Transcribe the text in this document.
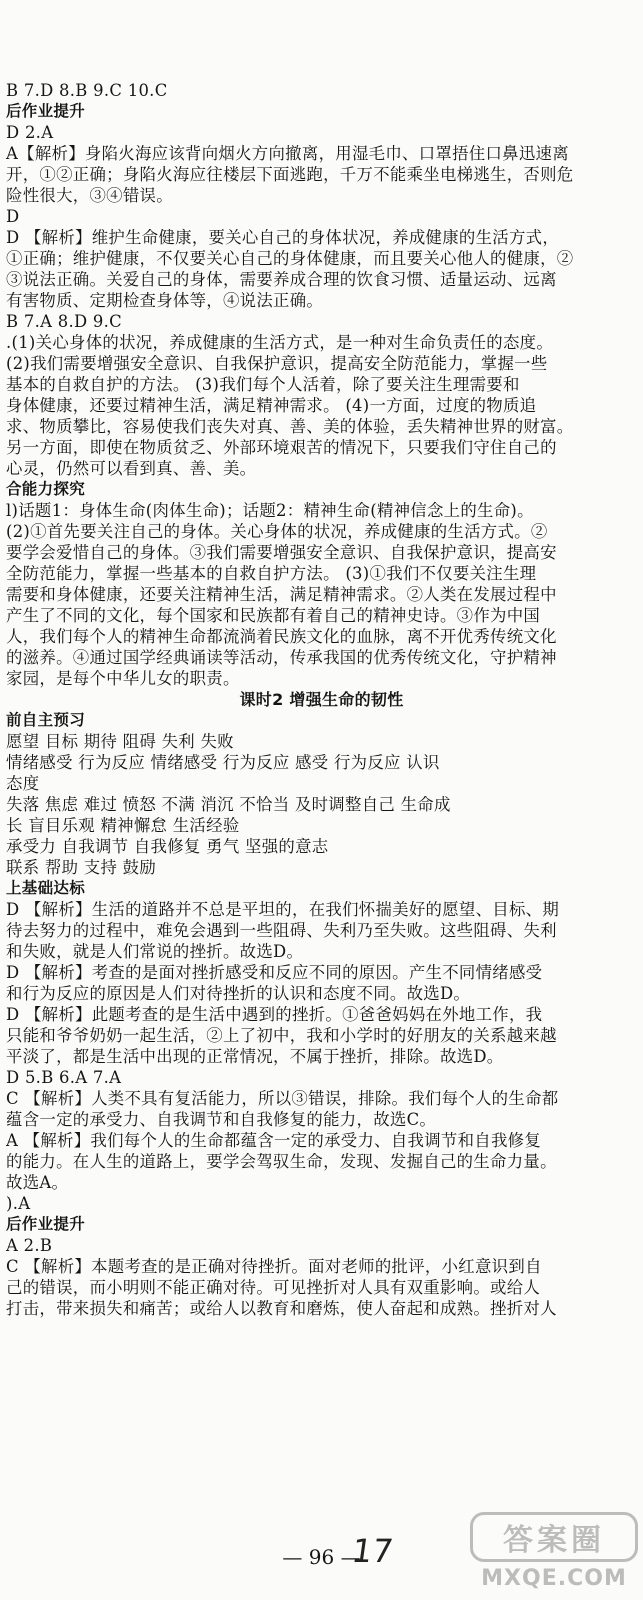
B 7.D 8.B 9.C 10.C
后作业提升
D 2.A
A【解析】身陷火海应该背向烟火方向撤离，用湿毛巾、口罩捂住口鼻迅速离
开，①②正确；身陷火海应往楼层下面逃跑，千万不能乘坐电梯逃生，否则危
险性很大，③④错误。
D
D 【解析】维护生命健康，要关心自己的身体状况，养成健康的生活方式，
①正确；维护健康，不仅要关心自己的身体健康，而且要关心他人的健康，②
③说法正确。关爱自己的身体，需要养成合理的饮食习惯、适量运动、远离
有害物质、定期检查身体等，④说法正确。
B 7.A 8.D 9.C
.(1)关心身体的状况，养成健康的生活方式，是一种对生命负责任的态度。
(2)我们需要增强安全意识、自我保护意识，提高安全防范能力，掌握一些
基本的自救自护的方法。 (3)我们每个人活着，除了要关注生理需要和
身体健康，还要过精神生活，满足精神需求。 (4)一方面，过度的物质追
求、物质攀比，容易使我们丧失对真、善、美的体验，丢失精神世界的财富。
另一方面，即使在物质贫乏、外部环境艰苦的情况下，只要我们守住自己的
心灵，仍然可以看到真、善、美。
合能力探究
l)话题1：身体生命(肉体生命)；话题2：精神生命(精神信念上的生命)。
(2)①首先要关注自己的身体。关心身体的状况，养成健康的生活方式。②
要学会爱惜自己的身体。③我们需要增强安全意识、自我保护意识，提高安
全防范能力，掌握一些基本的自救自护方法。 (3)①我们不仅要关注生理
需要和身体健康，还要关注精神生活，满足精神需求。②人类在发展过程中
产生了不同的文化，每个国家和民族都有着自己的精神史诗。③作为中国
人，我们每个人的精神生命都流淌着民族文化的血脉，离不开优秀传统文化
的滋养。④通过国学经典诵读等活动，传承我国的优秀传统文化，守护精神
家园，是每个中华儿女的职责。
课时2 增强生命的韧性
前自主预习
愿望 目标 期待 阻碍 失利 失败
情绪感受 行为反应 情绪感受 行为反应 感受 行为反应 认识
态度
失落 焦虑 难过 愤怒 不满 消沉 不恰当 及时调整自己 生命成
长 盲目乐观 精神懈怠 生活经验
承受力 自我调节 自我修复 勇气 坚强的意志
联系 帮助 支持 鼓励
上基础达标
D 【解析】生活的道路并不总是平坦的，在我们怀揣美好的愿望、目标、期
待去努力的过程中，难免会遇到一些阻碍、失利乃至失败。这些阻碍、失利
和失败，就是人们常说的挫折。故选D。
D 【解析】考查的是面对挫折感受和反应不同的原因。产生不同情绪感受
和行为反应的原因是人们对待挫折的认识和态度不同。故选D。
D 【解析】此题考查的是生活中遇到的挫折。①爸爸妈妈在外地工作，我
只能和爷爷奶奶一起生活，②上了初中，我和小学时的好朋友的关系越来越
平淡了，都是生活中出现的正常情况，不属于挫折，排除。故选D。
D 5.B 6.A 7.A
C 【解析】人类不具有复活能力，所以③错误，排除。我们每个人的生命都
蕴含一定的承受力、自我调节和自我修复的能力，故选C。
A 【解析】我们每个人的生命都蕴含一定的承受力、自我调节和自我修复
的能力。在人生的道路上，要学会驾驭生命，发现、发掘自己的生命力量。
故选A。
).A
后作业提升
A 2.B
C 【解析】本题考查的是正确对待挫折。面对老师的批评，小红意识到自
己的错误，而小明则不能正确对待。可见挫折对人具有双重影响。或给人
打击，带来损失和痛苦；或给人以教育和磨炼，使人奋起和成熟。挫折对人
— 96 —
17	答案圈
MXQE.COM
